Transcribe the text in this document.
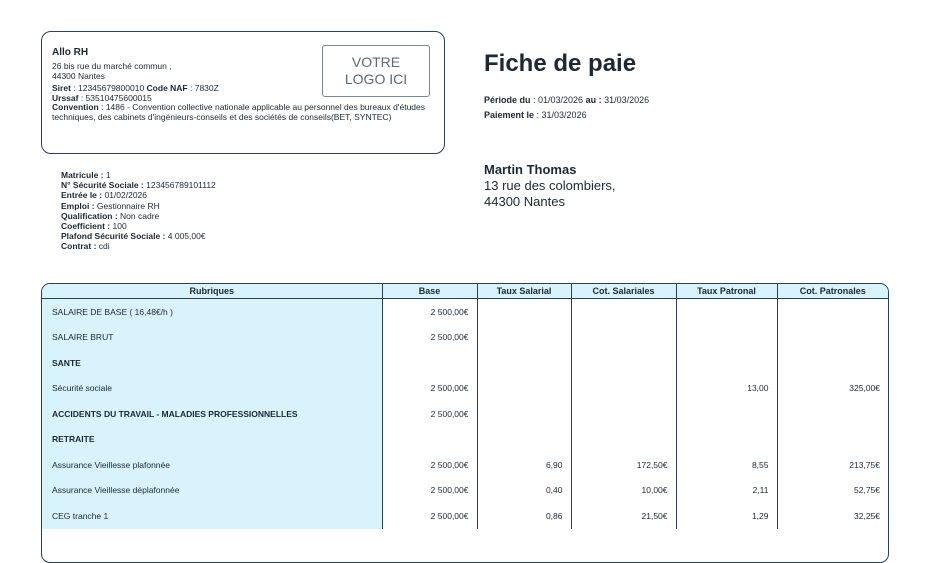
Allo RH
26 bis rue du marché commun ,
44300 Nantes
Siret : 12345679800010 Code NAF : 7830Z
Urssaf : 53510475600015
Convention : 1486 - Convention collective nationale applicable au personnel des bureaux d'études techniques, des cabinets d'ingénieurs-conseils et des sociétés de conseils(BET, SYNTEC)
VOTRE
LOGO ICI
Fiche de paie
Période du : 01/03/2026 au : 31/03/2026
Paiement le : 31/03/2026
Martin Thomas
13 rue des colombiers,
44300 Nantes
Matricule : 1
N° Sécurité Sociale : 123456789101112
Entrée le : 01/02/2026
Emploi : Gestionnaire RH
Qualification : Non cadre
Coefficient : 100
Plafond Sécurité Sociale : 4 005,00€
Contrat : cdi
Rubriques	Base	Taux Salarial	Cot. Salariales	Taux Patronal	Cot. Patronales
SALAIRE DE BASE ( 16,48€/h )	2 500,00€				
SALAIRE BRUT	2 500,00€				
SANTE					
Sécurité sociale	2 500,00€			13,00	325,00€
ACCIDENTS DU TRAVAIL - MALADIES PROFESSIONNELLES	2 500,00€				
RETRAITE					
Assurance Vieillesse plafonnée	2 500,00€	6,90	172,50€	8,55	213,75€
Assurance Vieillesse déplafonnée	2 500,00€	0,40	10,00€	2,11	52,75€
CEG tranche 1	2 500,00€	0,86	21,50€	1,29	32,25€
